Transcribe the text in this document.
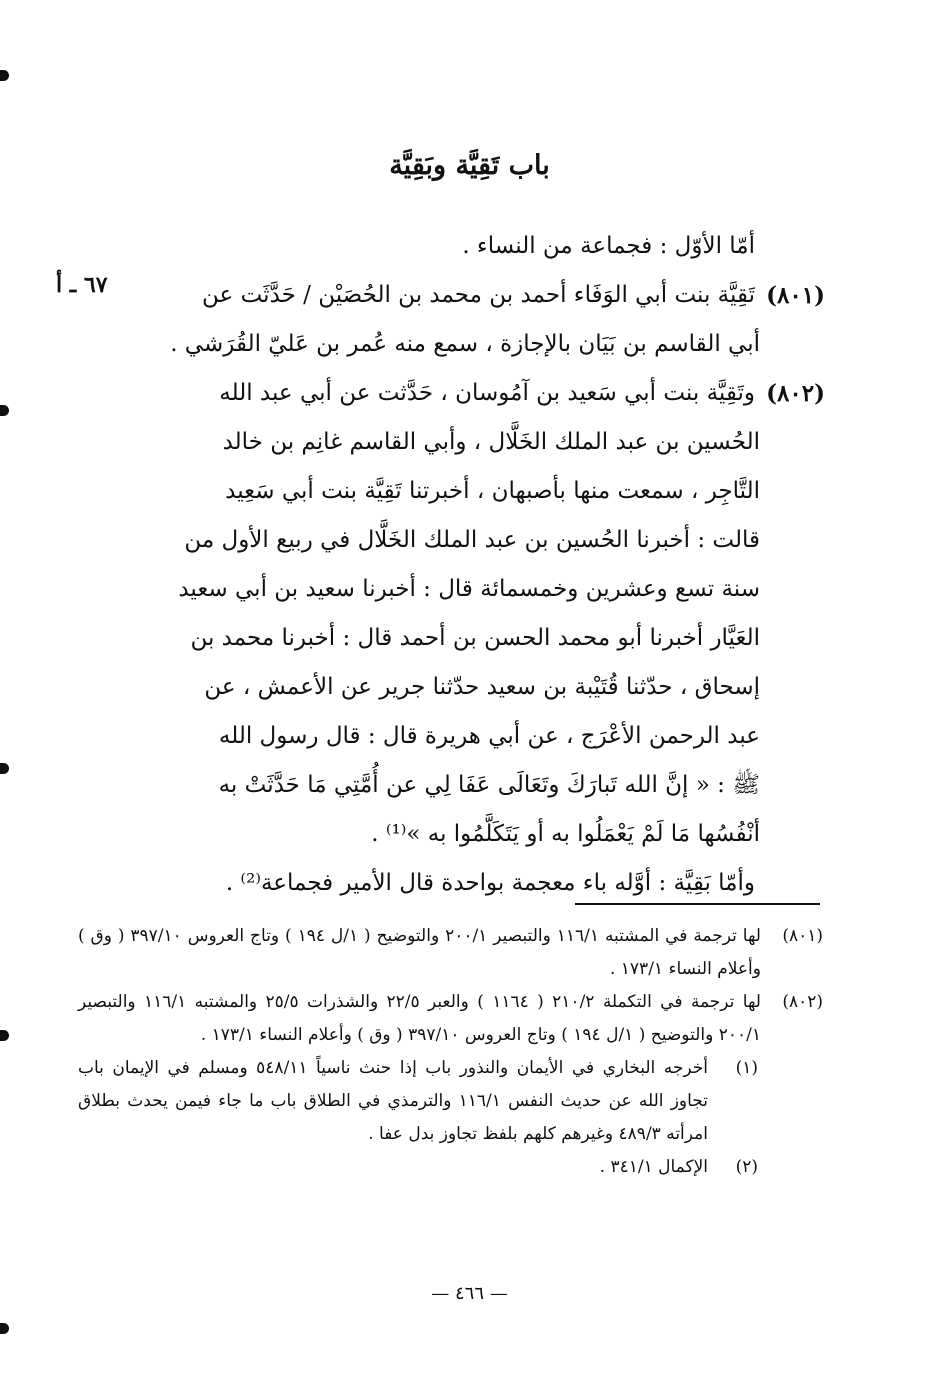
باب تَقِيَّة وبَقِيَّة
٦٧ ـ أ
أمّا الأوّل : فجماعة من النساء .
(٨٠١)
تَقِيَّة بنت أبي الوَفَاء أحمد بن محمد بن الحُصَيْن / حَدَّثَت عن
أبي القاسم بن بَيَان بالإجازة ، سمع منه عُمر بن عَليّ القُرَشي .
(٨٠٢)
وتَقِيَّة بنت أبي سَعيد بن آمُوسان ، حَدَّثت عن أبي عبد الله
الحُسين بن عبد الملك الخَلَّال ، وأبي القاسم غانِم بن خالد
التَّاجِر ، سمعت منها بأصبهان ، أخبرتنا تَقِيَّة بنت أبي سَعِيد
قالت : أخبرنا الحُسين بن عبد الملك الخَلَّال في ربيع الأول من
سنة تسع وعشرين وخمسمائة قال : أخبرنا سعيد بن أبي سعيد
العَيَّار أخبرنا أبو محمد الحسن بن أحمد قال : أخبرنا محمد بن
إسحاق ، حدّثنا قُتَيْبة بن سعيد حدّثنا جرير عن الأعمش ، عن
عبد الرحمن الأعْرَج ، عن أبي هريرة قال : قال رسول الله
ﷺ : « إنَّ الله تَبارَكَ وتَعَالَى عَفَا لِي عن أُمَّتِي مَا حَدَّثَتْ به
أنْفُسُها مَا لَمْ يَعْمَلُوا به أو يَتَكَلَّمُوا به »⁽¹⁾ .
وأمّا بَقِيَّة : أوَّله باء معجمة بواحدة قال الأمير فجماعة⁽²⁾ .
(٨٠١)
لها ترجمة في المشتبه ١١٦/١ والتبصير ٢٠٠/١ والتوضيح ( ١/ل ١٩٤ ) وتاج العروس ٣٩٧/١٠ ( وق ) وأعلام النساء ١٧٣/١ .
(٨٠٢)
لها ترجمة في التكملة ٢١٠/٢ ( ١١٦٤ ) والعبر ٢٢/٥ والشذرات ٢٥/٥ والمشتبه ١١٦/١ والتبصير ٢٠٠/١ والتوضيح ( ١/ل ١٩٤ ) وتاج العروس ٣٩٧/١٠ ( وق ) وأعلام النساء ١٧٣/١ .
(١)
أخرجه البخاري في الأيمان والنذور باب إذا حنث ناسياً ٥٤٨/١١ ومسلم في الإيمان باب تجاوز الله عن حديث النفس ١١٦/١ والترمذي في الطلاق باب ما جاء فيمن يحدث بطلاق امرأته ٤٨٩/٣ وغيرهم كلهم بلفظ تجاوز بدل عفا .
(٢)
الإكمال ٣٤١/١ .
— ٤٦٦ —
